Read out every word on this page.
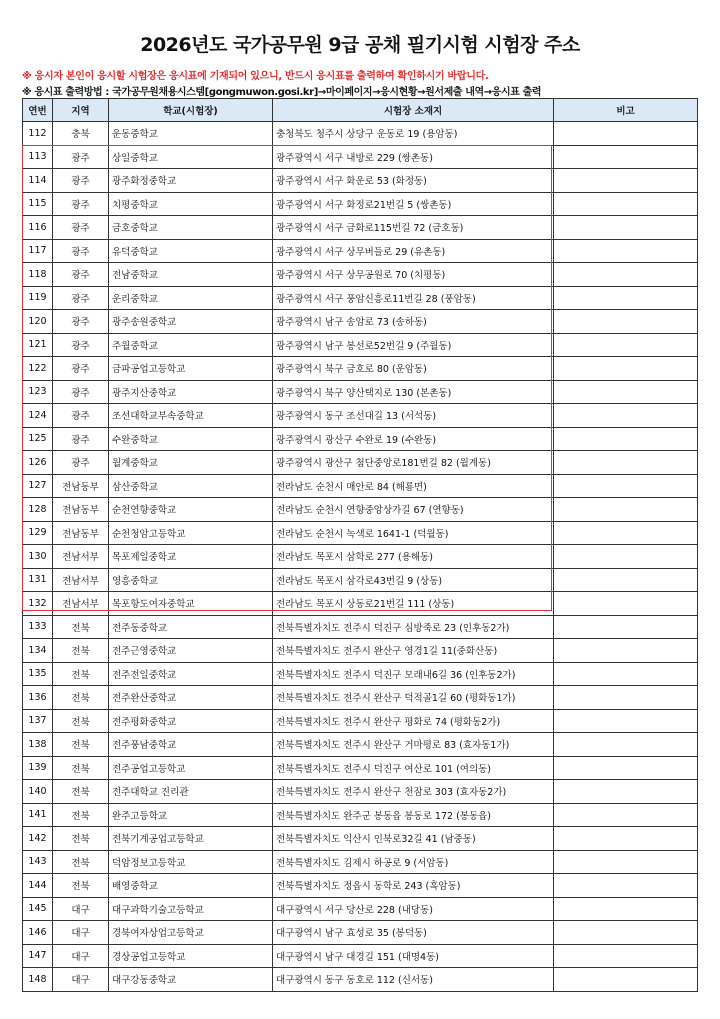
2026년도 국가공무원 9급 공채 필기시험 시험장 주소
※ 응시자 본인이 응시할 시험장은 응시표에 기재되어 있으니, 반드시 응시표를 출력하여 확인하시기 바랍니다.
※ 응시표 출력방법 : 국가공무원채용시스템[gongmuwon.gosi.kr]→마이페이지→응시현황→원서제출 내역→응시표 출력
연번	지역	학교(시험장)	시험장 소재지	비고
112	충북	운동중학교	충청북도 청주시 상당구 운동로 19 (용암동)	
113	광주	상일중학교	광주광역시 서구 내방로 229 (쌍촌동)	
114	광주	광주화정중학교	광주광역시 서구 화운로 53 (화정동)	
115	광주	치평중학교	광주광역시 서구 화정로21번길 5 (쌍촌동)	
116	광주	금호중학교	광주광역시 서구 금화로115번길 72 (금호동)	
117	광주	유덕중학교	광주광역시 서구 상무버들로 29 (유촌동)	
118	광주	전남중학교	광주광역시 서구 상무공원로 70 (치평동)	
119	광주	운리중학교	광주광역시 서구 풍암신흥로11번길 28 (풍암동)	
120	광주	광주송원중학교	광주광역시 남구 송암로 73 (송하동)	
121	광주	주월중학교	광주광역시 남구 봉선로52번길 9 (주월동)	
122	광주	금파공업고등학교	광주광역시 북구 금호로 80 (운암동)	
123	광주	광주지산중학교	광주광역시 북구 양산택지로 130 (본촌동)	
124	광주	조선대학교부속중학교	광주광역시 동구 조선대길 13 (서석동)	
125	광주	수완중학교	광주광역시 광산구 수완로 19 (수완동)	
126	광주	월계중학교	광주광역시 광산구 첨단중앙로181번길 82 (월계동)	
127	전남동부	삼산중학교	전라남도 순천시 매안로 84 (해룡면)	
128	전남동부	순천연향중학교	전라남도 순천시 연향중앙상가길 67 (연향동)	
129	전남동부	순천청암고등학교	전라남도 순천시 녹색로 1641-1 (덕월동)	
130	전남서부	목포제일중학교	전라남도 목포시 삼학로 277 (용해동)	
131	전남서부	영흥중학교	전라남도 목포시 삼각로43번길 9 (상동)	
132	전남서부	목포항도여자중학교	전라남도 목포시 상동로21번길 111 (상동)	
133	전북	전주동중학교	전북특별자치도 전주시 덕진구 심방죽로 23 (인후동2가)	
134	전북	전주근영중학교	전북특별자치도 전주시 완산구 영경1길 11(중화산동)	
135	전북	전주전일중학교	전북특별자치도 전주시 덕진구 모래내6길 36 (인후동2가)	
136	전북	전주완산중학교	전북특별자치도 전주시 완산구 덕적골1길 60 (평화동1가)	
137	전북	전주평화중학교	전북특별자치도 전주시 완산구 평화로 74 (평화동2가)	
138	전북	전주풍남중학교	전북특별자치도 전주시 완산구 거마평로 83 (효자동1가)	
139	전북	전주공업고등학교	전북특별자치도 전주시 덕진구 여산로 101 (여의동)	
140	전북	전주대학교 진리관	전북특별자치도 전주시 완산구 천잠로 303 (효자동2가)	
141	전북	완주고등학교	전북특별자치도 완주군 봉동읍 봉동로 172 (봉동읍)	
142	전북	전북기계공업고등학교	전북특별자치도 익산시 인북로32길 41 (남중동)	
143	전북	덕암정보고등학교	전북특별자치도 김제시 하공로 9 (서암동)	
144	전북	배영중학교	전북특별자치도 정읍시 동학로 243 (흑암동)	
145	대구	대구과학기술고등학교	대구광역시 서구 당산로 228 (내당동)	
146	대구	경북여자상업고등학교	대구광역시 남구 효성로 35 (봉덕동)	
147	대구	경상공업고등학교	대구광역시 남구 대경길 151 (대명4동)	
148	대구	대구강동중학교	대구광역시 동구 동호로 112 (신서동)	
